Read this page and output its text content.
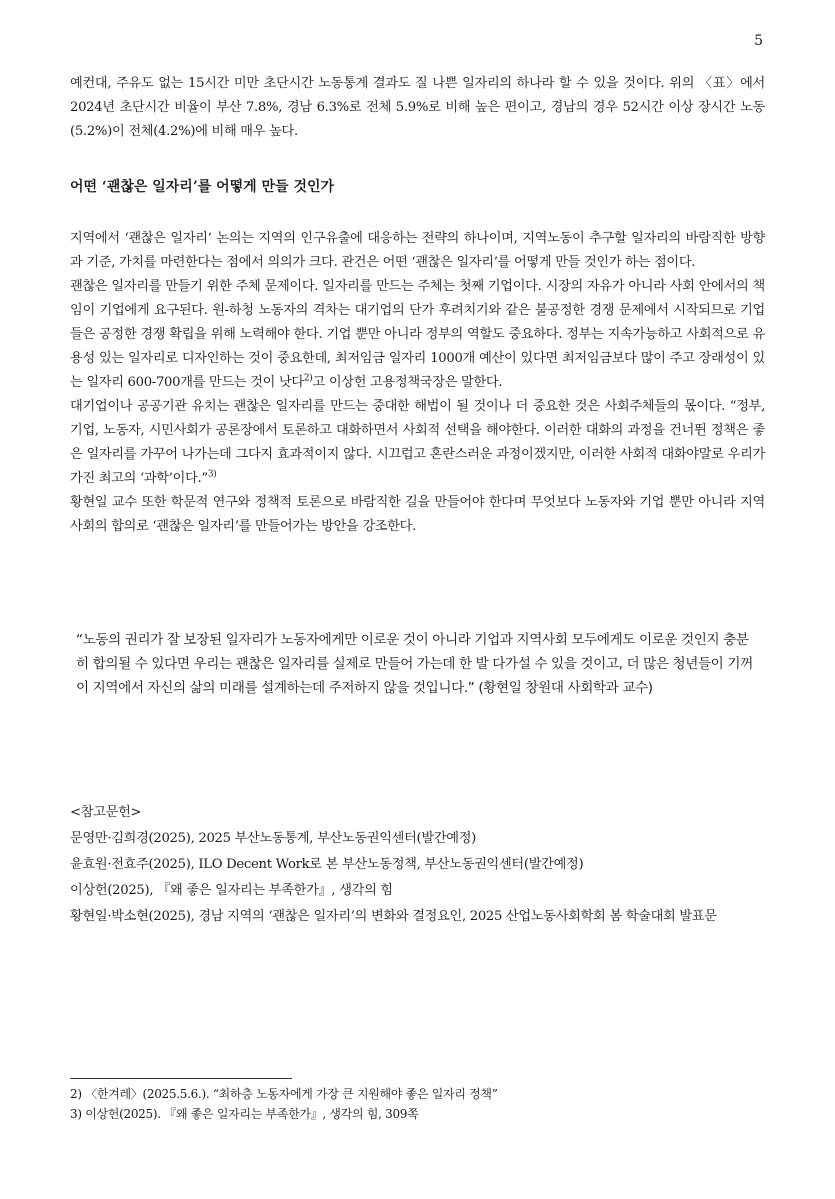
5

예컨대, 주유도 없는 15시간 미만 초단시간 노동통계 결과도 질 나쁜 일자리의 하나라 할 수 있을 것이다. 위의 〈표〉에서 2024년 초단시간 비율이 부산 7.8%, 경남 6.3%로 전체 5.9%로 비해 높은 편이고, 경남의 경우 52시간 이상 장시간 노동(5.2%)이 전체(4.2%)에 비해 매우 높다.

어떤 ‘괜찮은 일자리’를 어떻게 만들 것인가

지역에서 ‘괜찮은 일자리’ 논의는 지역의 인구유출에 대응하는 전략의 하나이며, 지역노동이 추구할 일자리의 바람직한 방향과 기준, 가치를 마련한다는 점에서 의의가 크다. 관건은 어떤 ‘괜찮은 일자리’를 어떻게 만들 것인가 하는 점이다.

괜찮은 일자리를 만들기 위한 주체 문제이다. 일자리를 만드는 주체는 첫째 기업이다. 시장의 자유가 아니라 사회 안에서의 책임이 기업에게 요구된다. 원-하청 노동자의 격차는 대기업의 단가 후려치기와 같은 불공정한 경쟁 문제에서 시작되므로 기업들은 공정한 경쟁 확립을 위해 노력해야 한다. 기업 뿐만 아니라 정부의 역할도 중요하다. 정부는 지속가능하고 사회적으로 유용성 있는 일자리로 디자인하는 것이 중요한데, 최저임금 일자리 1000개 예산이 있다면 최저임금보다 많이 주고 장래성이 있는 일자리 600-700개를 만드는 것이 낫다$^{2)}$고 이상헌 고용정책국장은 말한다.

대기업이나 공공기관 유치는 괜찮은 일자리를 만드는 중대한 해법이 될 것이나 더 중요한 것은 사회주체들의 몫이다. “정부, 기업, 노동자, 시민사회가 공론장에서 토론하고 대화하면서 사회적 선택을 해야한다. 이러한 대화의 과정을 건너뛴 정책은 좋은 일자리를 가꾸어 나가는데 그다지 효과적이지 않다. 시끄럽고 혼란스러운 과정이겠지만, 이러한 사회적 대화야말로 우리가 가진 최고의 ‘과학’이다.”$^{3)}$

황현일 교수 또한 학문적 연구와 정책적 토론으로 바람직한 길을 만들어야 한다며 무엇보다 노동자와 기업 뿐만 아니라 지역사회의 합의로 ‘괜찮은 일자리’를 만들어가는 방안을 강조한다.

“노동의 권리가 잘 보장된 일자리가 노동자에게만 이로운 것이 아니라 기업과 지역사회 모두에게도 이로운 것인지 충분히 합의될 수 있다면 우리는 괜찮은 일자리를 실제로 만들어 가는데 한 발 다가설 수 있을 것이고, 더 많은 청년들이 기꺼이 지역에서 자신의 삶의 미래를 설계하는데 주저하지 않을 것입니다.” (황현일 창원대 사회학과 교수)

<참고문헌>

문영만·김희경(2025), 2025 부산노동통계, 부산노동권익센터(발간예정)

윤효원·전효주(2025), ILO Decent Work로 본 부산노동정책, 부산노동권익센터(발간예정)

이상헌(2025), 『왜 좋은 일자리는 부족한가』, 생각의 힘

황현일·박소현(2025), 경남 지역의 ‘괜찮은 일자리’의 변화와 결정요인, 2025 산업노동사회학회 봄 학술대회 발표문

2) 〈한겨레〉(2025.5.6.). “최하층 노동자에게 가장 큰 지원해야 좋은 일자리 정책”

3) 이상헌(2025). 『왜 좋은 일자리는 부족한가』, 생각의 힘, 309쪽
